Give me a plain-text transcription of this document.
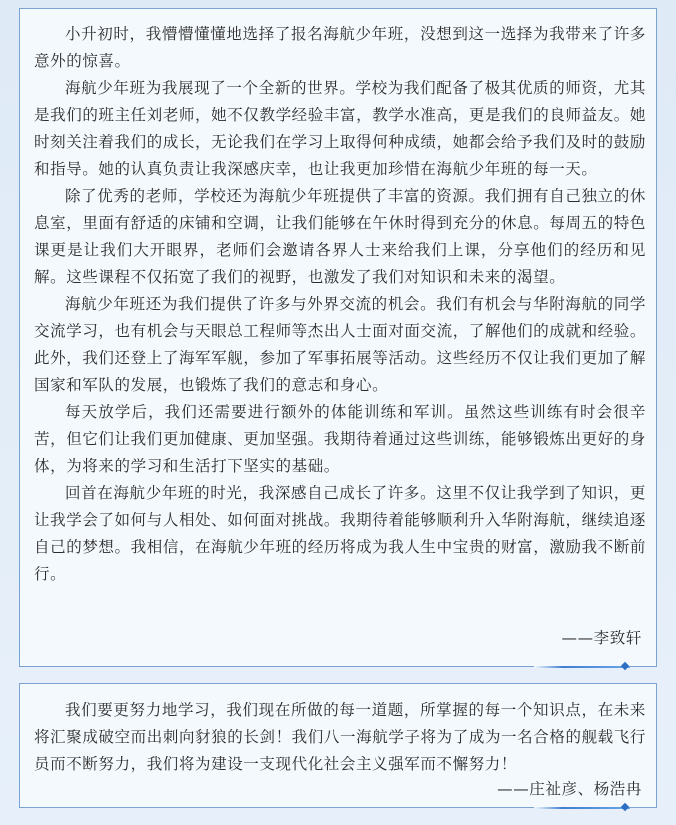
小升初时，我懵懵懂懂地选择了报名海航少年班，没想到这一选择为我带来了许多意外的惊喜。

海航少年班为我展现了一个全新的世界。学校为我们配备了极其优质的师资，尤其是我们的班主任刘老师，她不仅教学经验丰富，教学水准高，更是我们的良师益友。她时刻关注着我们的成长，无论我们在学习上取得何种成绩，她都会给予我们及时的鼓励和指导。她的认真负责让我深感庆幸，也让我更加珍惜在海航少年班的每一天。

除了优秀的老师，学校还为海航少年班提供了丰富的资源。我们拥有自己独立的休息室，里面有舒适的床铺和空调，让我们能够在午休时得到充分的休息。每周五的特色课更是让我们大开眼界，老师们会邀请各界人士来给我们上课，分享他们的经历和见解。这些课程不仅拓宽了我们的视野，也激发了我们对知识和未来的渴望。

海航少年班还为我们提供了许多与外界交流的机会。我们有机会与华附海航的同学交流学习，也有机会与天眼总工程师等杰出人士面对面交流，了解他们的成就和经验。此外，我们还登上了海军军舰，参加了军事拓展等活动。这些经历不仅让我们更加了解国家和军队的发展，也锻炼了我们的意志和身心。

每天放学后，我们还需要进行额外的体能训练和军训。虽然这些训练有时会很辛苦，但它们让我们更加健康、更加坚强。我期待着通过这些训练，能够锻炼出更好的身体，为将来的学习和生活打下坚实的基础。

回首在海航少年班的时光，我深感自己成长了许多。这里不仅让我学到了知识，更让我学会了如何与人相处、如何面对挑战。我期待着能够顺利升入华附海航，继续追逐自己的梦想。我相信，在海航少年班的经历将成为我人生中宝贵的财富，激励我不断前行。

——李致轩

我们要更努力地学习，我们现在所做的每一道题，所掌握的每一个知识点，在未来将汇聚成破空而出刺向豺狼的长剑！我们八一海航学子将为了成为一名合格的舰载飞行员而不断努力，我们将为建设一支现代化社会主义强军而不懈努力！

——庄祉彦、杨浩冉
